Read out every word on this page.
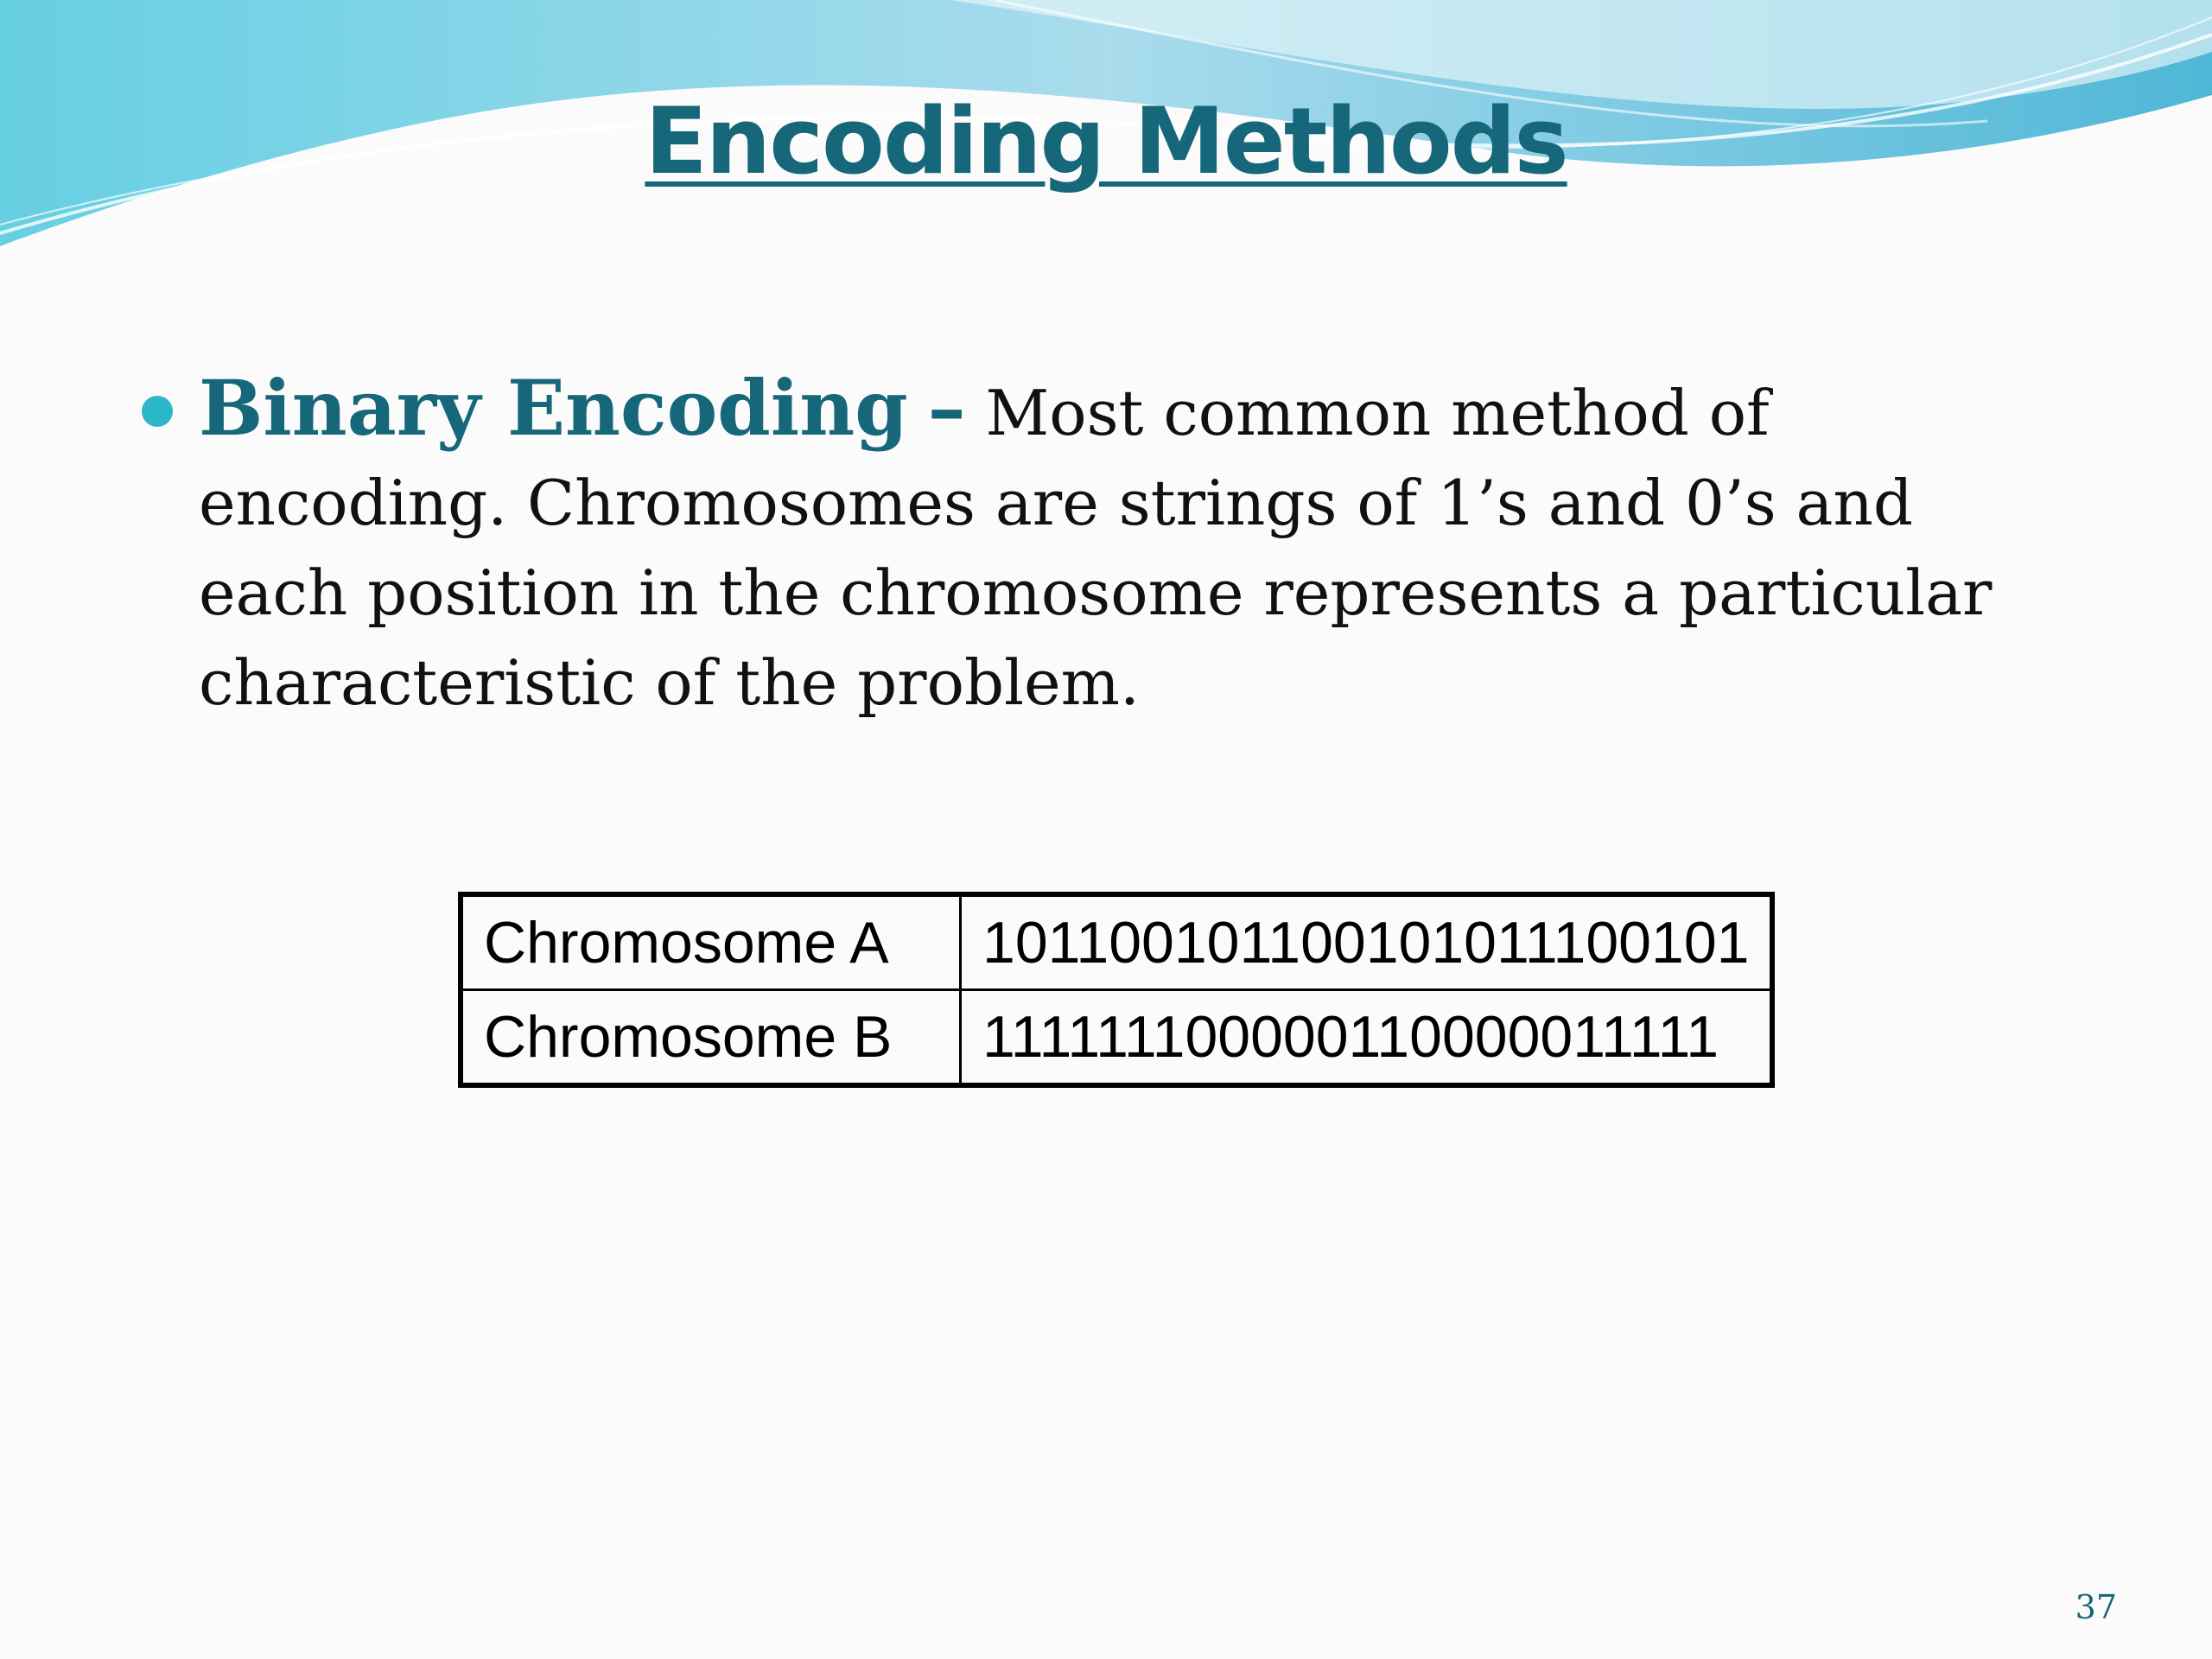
Encoding Methods
Binary Encoding – Most common method of encoding. Chromosomes are strings of 1’s and 0’s and each position in the chromosome represents a particular characteristic of the problem.
Chromosome A	101100101100101011100101
Chromosome B	111111100000110000011111
37
